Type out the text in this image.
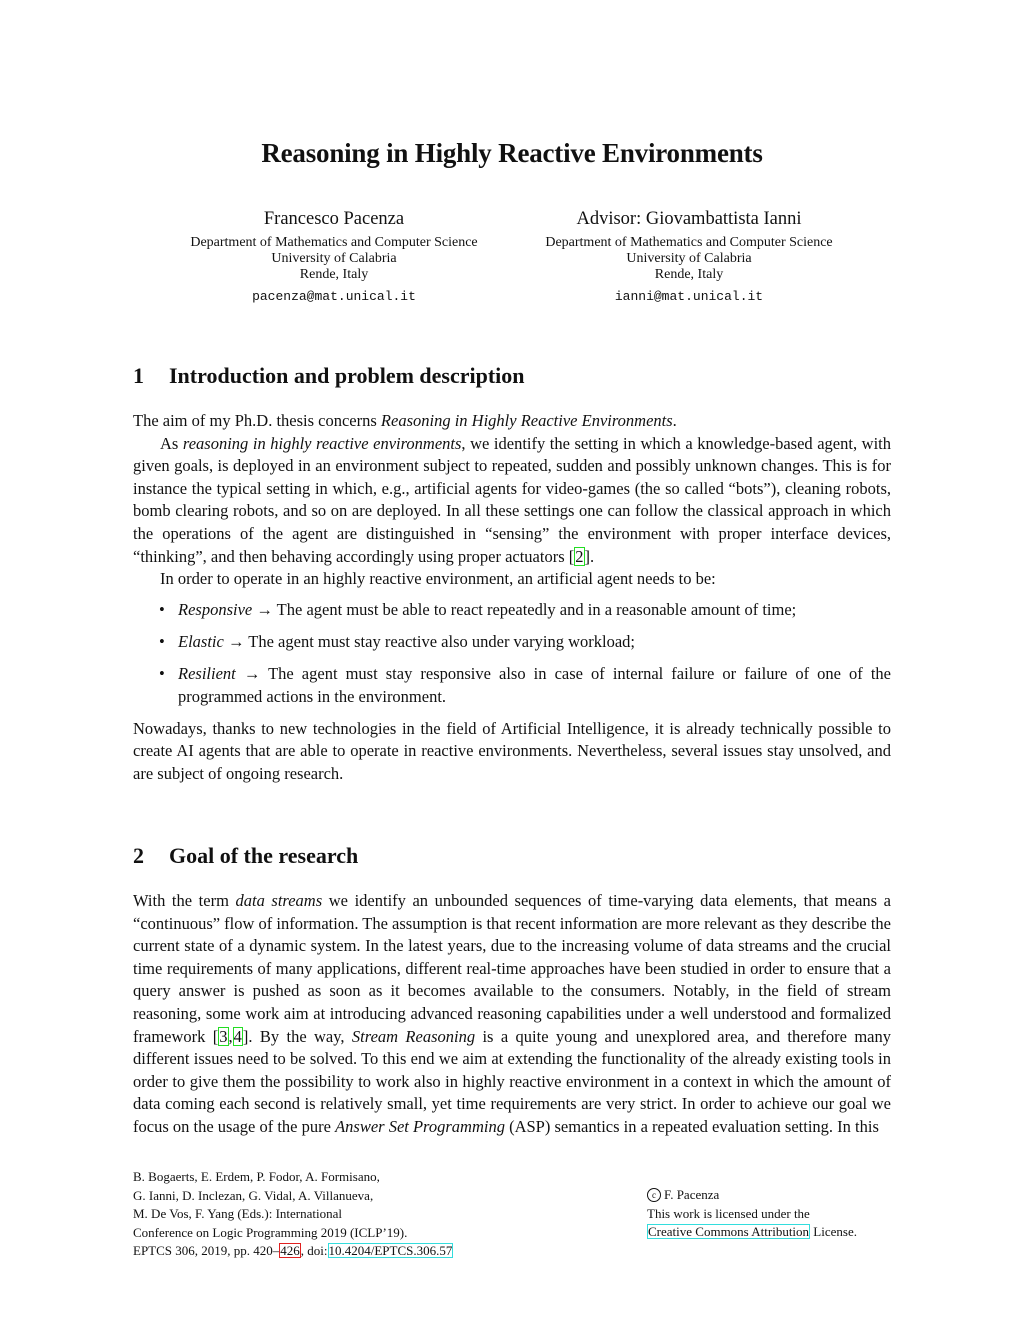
Reasoning in Highly Reactive Environments
Francesco Pacenza
Department of Mathematics and Computer Science
University of Calabria
Rende, Italy
pacenza@mat.unical.it
Advisor: Giovambattista Ianni
Department of Mathematics and Computer Science
University of Calabria
Rende, Italy
ianni@mat.unical.it
1 Introduction and problem description

The aim of my Ph.D. thesis concerns Reasoning in Highly Reactive Environments.

As reasoning in highly reactive environments, we identify the setting in which a knowledge-based agent, with given goals, is deployed in an environment subject to repeated, sudden and possibly unknown changes. This is for instance the typical setting in which, e.g., artificial agents for video-games (the so called “bots”), cleaning robots, bomb clearing robots, and so on are deployed. In all these settings one can follow the classical approach in which the operations of the agent are distinguished in “sensing” the environment with proper interface devices, “thinking”, and then behaving accordingly using proper actuators [2].

In order to operate in an highly reactive environment, an artificial agent needs to be:

• Responsive → The agent must be able to react repeatedly and in a reasonable amount of time;
• Elastic → The agent must stay reactive also under varying workload;
• Resilient → The agent must stay responsive also in case of internal failure or failure of one of the programmed actions in the environment.

Nowadays, thanks to new technologies in the field of Artificial Intelligence, it is already technically possible to create AI agents that are able to operate in reactive environments. Nevertheless, several issues stay unsolved, and are subject of ongoing research.

2 Goal of the research

With the term data streams we identify an unbounded sequences of time-varying data elements, that means a “continuous” flow of information. The assumption is that recent information are more relevant as they describe the current state of a dynamic system. In the latest years, due to the increasing volume of data streams and the crucial time requirements of many applications, different real-time approaches have been studied in order to ensure that a query answer is pushed as soon as it becomes available to the consumers. Notably, in the field of stream reasoning, some work aim at introducing advanced reasoning capabilities under a well understood and formalized framework [3,4]. By the way, Stream Reasoning is a quite young and unexplored area, and therefore many different issues need to be solved. To this end we aim at extending the functionality of the already existing tools in order to give them the possibility to work also in highly reactive environment in a context in which the amount of data coming each second is relatively small, yet time requirements are very strict. In order to achieve our goal we focus on the usage of the pure Answer Set Programming (ASP) semantics in a repeated evaluation setting. In this

B. Bogaerts, E. Erdem, P. Fodor, A. Formisano,
G. Ianni, D. Inclezan, G. Vidal, A. Villanueva,
M. De Vos, F. Yang (Eds.): International
Conference on Logic Programming 2019 (ICLP’19).
EPTCS 306, 2019, pp. 420–426, doi:10.4204/EPTCS.306.57
c F. Pacenza
This work is licensed under the
Creative Commons Attribution License.
